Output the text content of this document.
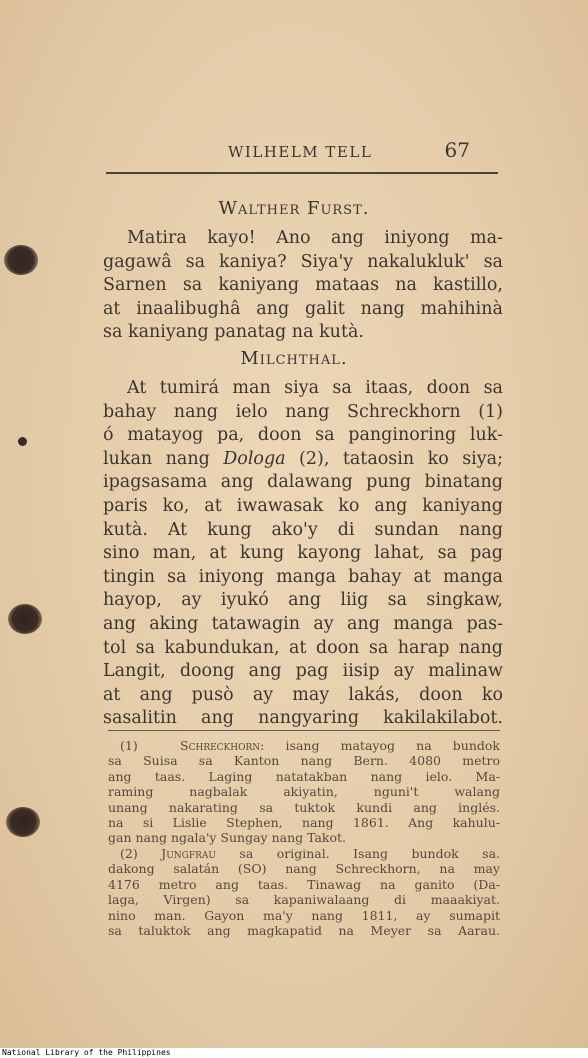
WILHELM TELL	67
Walther Furst.
Matira kayo! Ano ang iniyong ma-
gagawâ sa kaniya? Siya'y nakaluklukꞌ sa
Sarnen sa kaniyang mataas na kastillo,
at inaalibughâ ang galit nang mahihinà
sa kaniyang panatag na kutà.
Milchthal.
At tumirá man siya sa itaas, doon sa
bahay nang ielo nang Schreckhorn (1)
ó matayog pa, doon sa panginoring luk-
lukan nang Dologa (2), tataosin ko siya;
ipagsasama ang dalawang pung binatang
paris ko, at iwawasak ko ang kaniyang
kutà. At kung ako'y di sundan nang
sino man, at kung kayong lahat, sa pag
tingin sa iniyong manga bahay at manga
hayop, ay iyukó ang liig sa singkaw,
ang aking tatawagin ay ang manga pas-
tol sa kabundukan, at doon sa harap nang
Langit, doong ang pag iisip ay malinaw
at ang pusò ay may lakás, doon ko
sasalitin ang nangyaring kakilakilabot.
(1)	Schreckhorn: isang matayog na bundok
sa Suisa sa Kanton nang Bern. 4080 metro
ang taas. Laging natatakban nang ielo. Ma-
raming nagbalak akiyatin, nguni't walang
unang nakarating sa tuktok kundi ang inglés.
na si Lislie Stephen, nang 1861. Ang kahulu-
gan nang ngala'y Sungay nang Takot.
(2) Jungfrau sa original. Isang bundok sa.
dakong salatán (SO) nang Schreckhorn, na may
4176 metro ang taas. Tinawag na ganito (Da-
laga, Virgen) sa kapaniwalaang di maaakiyat.
nino man. Gayon ma'y nang 1811, ay sumapit
sa taluktok ang magkapatid na Meyer sa Aarau.
National Library of the Philippines
